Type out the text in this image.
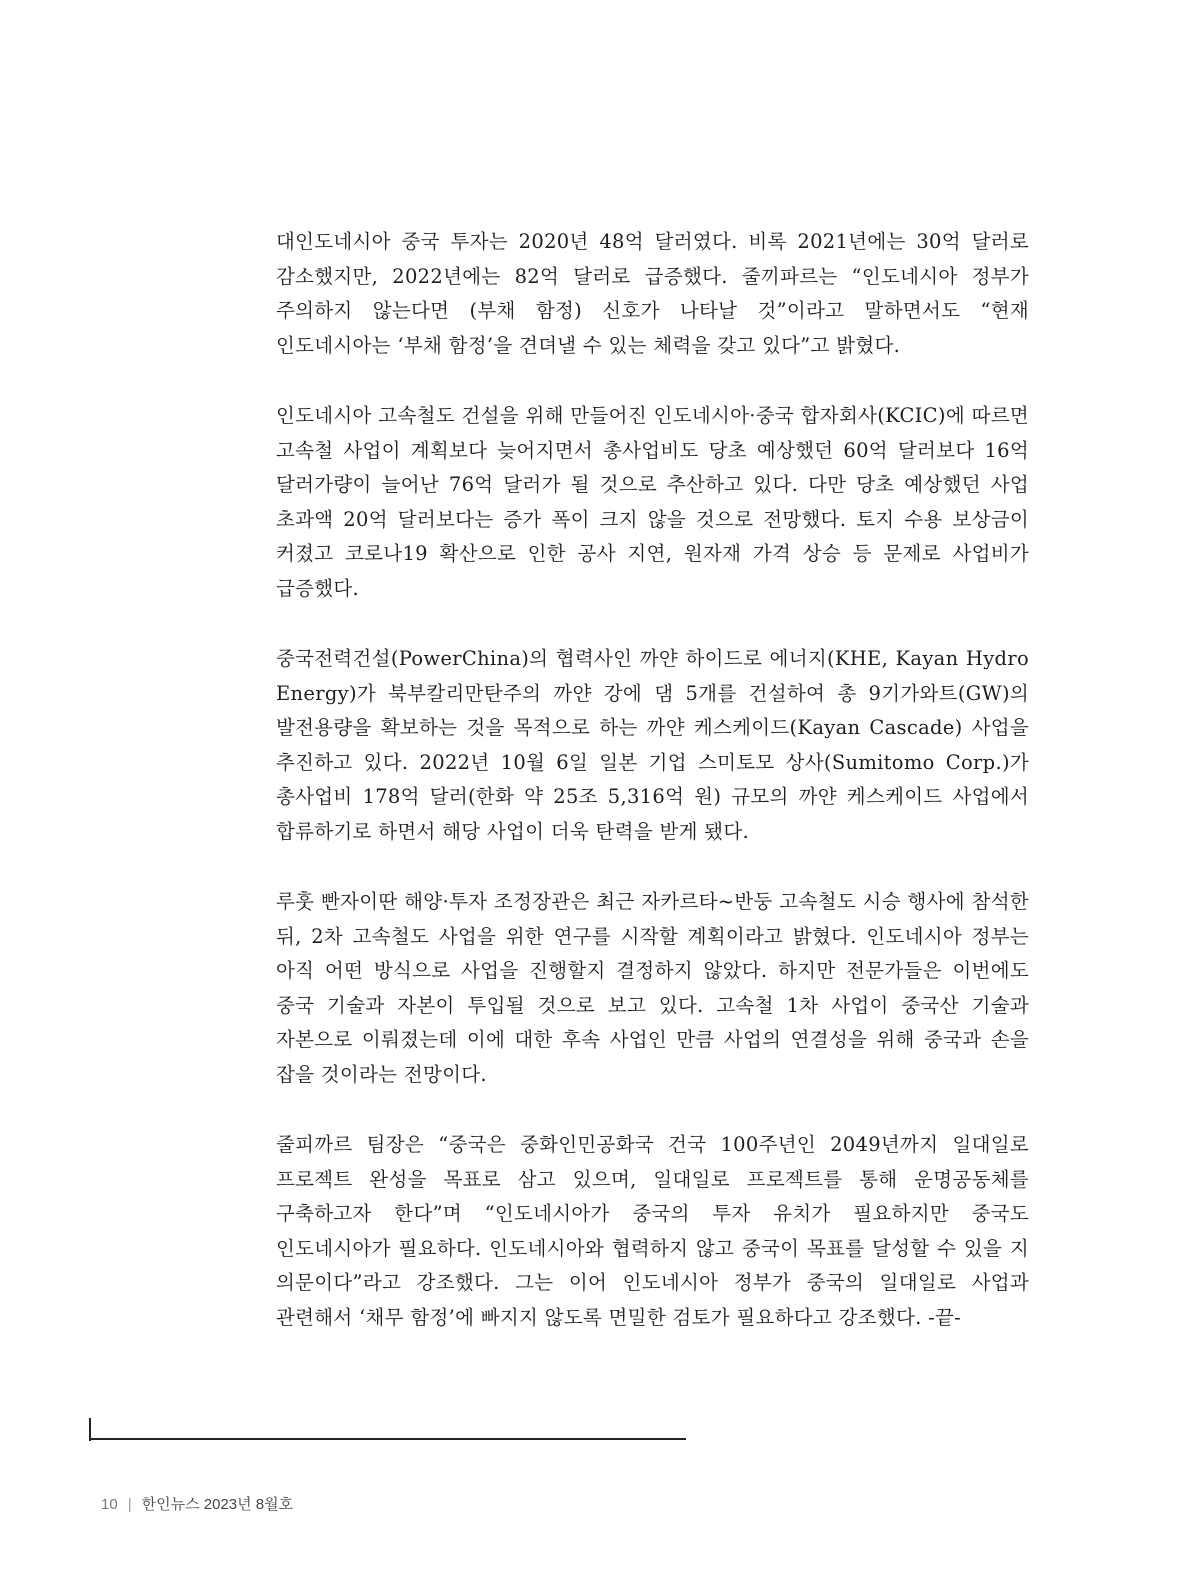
대인도네시아 중국 투자는 2020년 48억 달러였다. 비록 2021년에는 30억 달러로 감소했지만, 2022년에는 82억 달러로 급증했다. 줄끼파르는 “인도네시아 정부가 주의하지 않는다면 (부채 함정) 신호가 나타날 것”이라고 말하면서도 “현재 인도네시아는 ‘부채 함정’을 견뎌낼 수 있는 체력을 갖고 있다”고 밝혔다.

인도네시아 고속철도 건설을 위해 만들어진 인도네시아·중국 합자회사(KCIC)에 따르면 고속철 사업이 계획보다 늦어지면서 총사업비도 당초 예상했던 60억 달러보다 16억 달러가량이 늘어난 76억 달러가 될 것으로 추산하고 있다. 다만 당초 예상했던 사업 초과액 20억 달러보다는 증가 폭이 크지 않을 것으로 전망했다. 토지 수용 보상금이 커졌고 코로나19 확산으로 인한 공사 지연, 원자재 가격 상승 등 문제로 사업비가 급증했다.

중국전력건설(PowerChina)의 협력사인 까얀 하이드로 에너지(KHE, Kayan Hydro Energy)가 북부칼리만탄주의 까얀 강에 댐 5개를 건설하여 총 9기가와트(GW)의 발전용량을 확보하는 것을 목적으로 하는 까얀 케스케이드(Kayan Cascade) 사업을 추진하고 있다. 2022년 10월 6일 일본 기업 스미토모 상사(Sumitomo Corp.)가 총사업비 178억 달러(한화 약 25조 5,316억 원) 규모의 까얀 케스케이드 사업에서 합류하기로 하면서 해당 사업이 더욱 탄력을 받게 됐다.

루훗 빤자이딴 해양·투자 조정장관은 최근 자카르타~반둥 고속철도 시승 행사에 참석한 뒤, 2차 고속철도 사업을 위한 연구를 시작할 계획이라고 밝혔다. 인도네시아 정부는 아직 어떤 방식으로 사업을 진행할지 결정하지 않았다. 하지만 전문가들은 이번에도 중국 기술과 자본이 투입될 것으로 보고 있다. 고속철 1차 사업이 중국산 기술과 자본으로 이뤄졌는데 이에 대한 후속 사업인 만큼 사업의 연결성을 위해 중국과 손을 잡을 것이라는 전망이다.

줄피까르 팀장은 “중국은 중화인민공화국 건국 100주년인 2049년까지 일대일로 프로젝트 완성을 목표로 삼고 있으며, 일대일로 프로젝트를 통해 운명공동체를 구축하고자 한다”며 “인도네시아가 중국의 투자 유치가 필요하지만 중국도 인도네시아가 필요하다. 인도네시아와 협력하지 않고 중국이 목표를 달성할 수 있을 지 의문이다”라고 강조했다. 그는 이어 인도네시아 정부가 중국의 일대일로 사업과 관련해서 ‘채무 함정’에 빠지지 않도록 면밀한 검토가 필요하다고 강조했다. -끝-

10 | 한인뉴스 2023년 8월호
